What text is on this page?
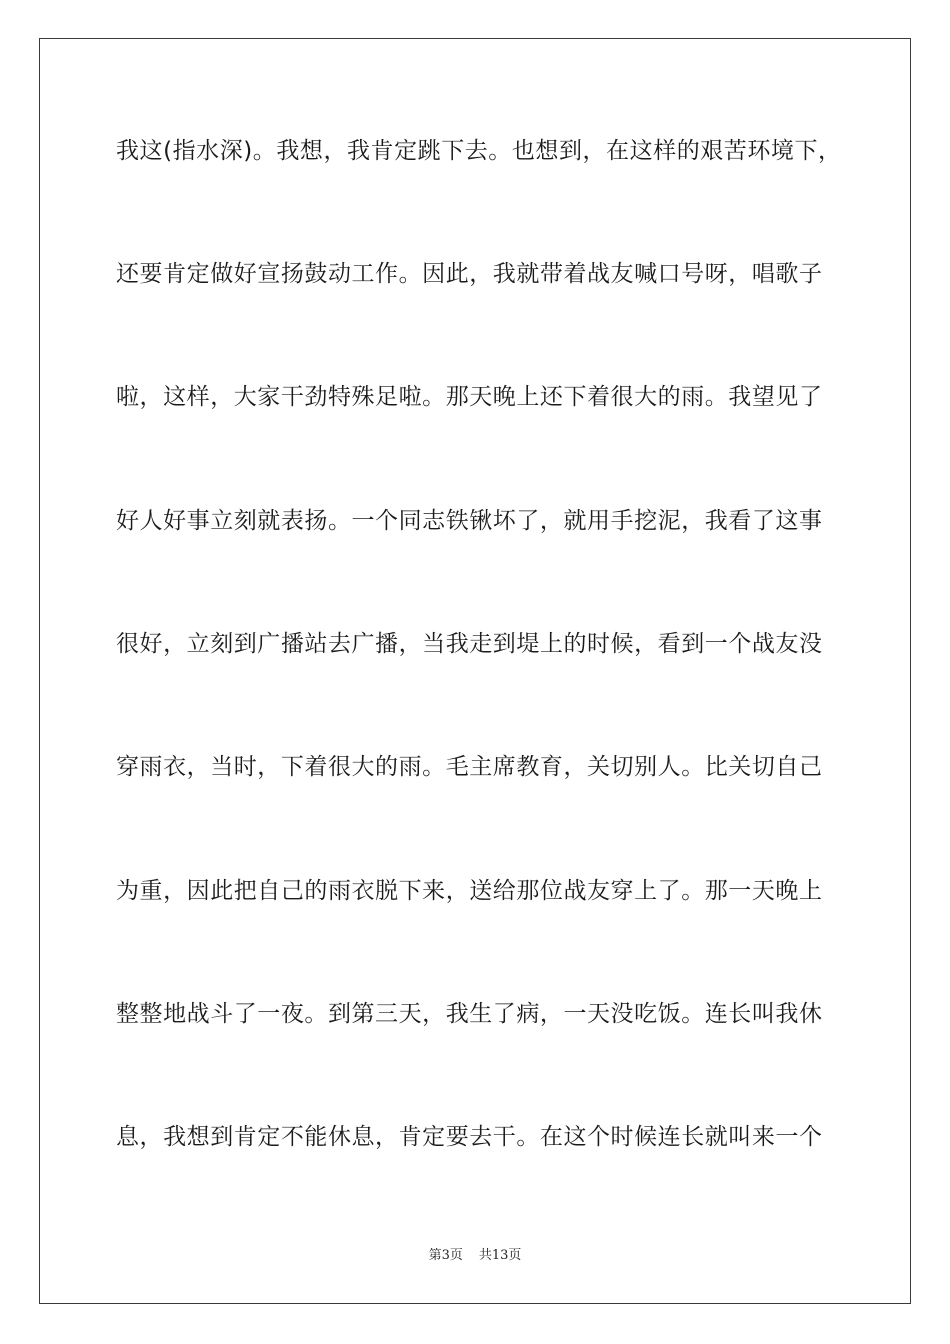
我这(指水深)。我想，我肯定跳下去。也想到，在这样的艰苦环境下，
还要肯定做好宣扬鼓动工作。因此，我就带着战友喊口号呀，唱歌子
啦，这样，大家干劲特殊足啦。那天晚上还下着很大的雨。我望见了
好人好事立刻就表扬。一个同志铁锹坏了，就用手挖泥，我看了这事
很好，立刻到广播站去广播，当我走到堤上的时候，看到一个战友没
穿雨衣，当时，下着很大的雨。毛主席教育，关切别人。比关切自己
为重，因此把自己的雨衣脱下来，送给那位战友穿上了。那一天晚上
整整地战斗了一夜。到第三天，我生了病，一天没吃饭。连长叫我休
息，我想到肯定不能休息，肯定要去干。在这个时候连长就叫来一个
第3页 共13页
